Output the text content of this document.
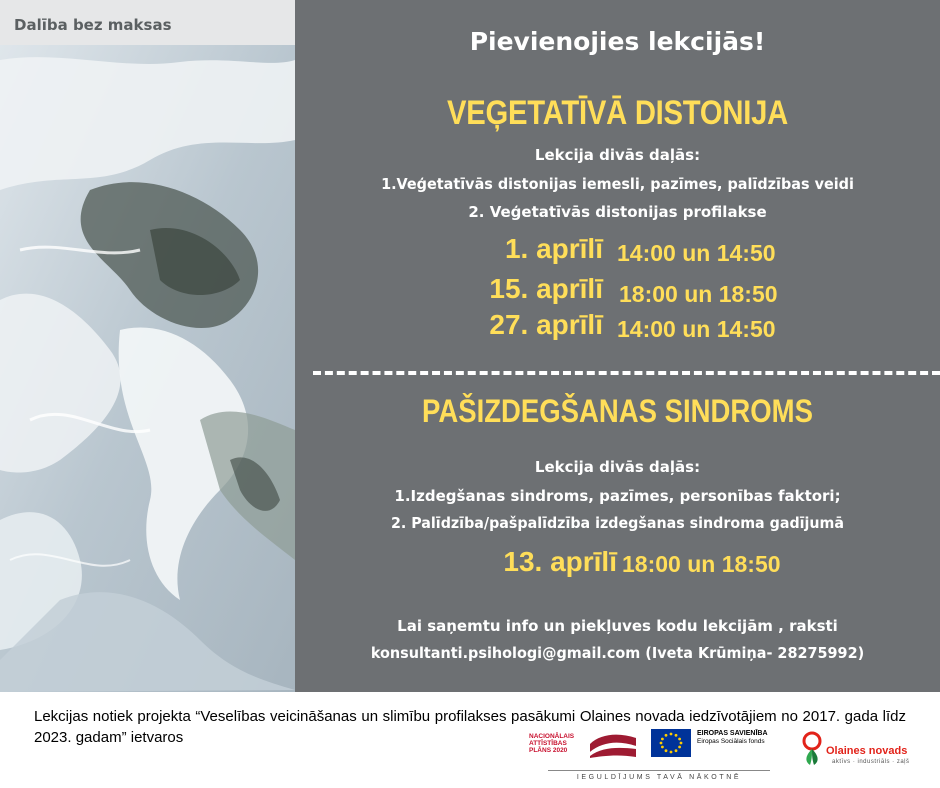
Dalība bez maksas
Pievienojies lekcijās!
VEĢETATĪVĀ DISTONIJA
Lekcija divās daļās:
1.Veģetatīvās distonijas iemesli, pazīmes, palīdzības veidi
2. Veģetatīvās distonijas profilakse
1. aprīlī 14:00 un 14:50
15. aprīlī 18:00 un 18:50
27. aprīlī 14:00 un 14:50
PAŠIZDEGŠANAS SINDROMS
Lekcija divās daļās:
1.Izdegšanas sindroms, pazīmes, personības faktori;
2. Palīdzība/pašpalīdzība izdegšanas sindroma gadījumā
13. aprīlī 18:00 un 18:50
Lai saņemtu info un piekļuves kodu lekcijām , raksti
konsultanti.psihologi@gmail.com (Iveta Krūmiņa- 28275992)
Lekcijas notiek projekta “Veselības veicināšanas un slimību profilakses pasākumi Olaines novada iedzīvotājiem no 2017. gada līdz 2023. gadam” ietvaros	NACIONĀLAIS
ATTĪSTĪBAS
PLĀNS 2020
EIROPAS SAVIENĪBA
Eiropas Sociālais fonds
IEGULDĪJUMS TAVĀ NĀKOTNĒ
Olaines novads
aktīvs · industriāls · zaļš
